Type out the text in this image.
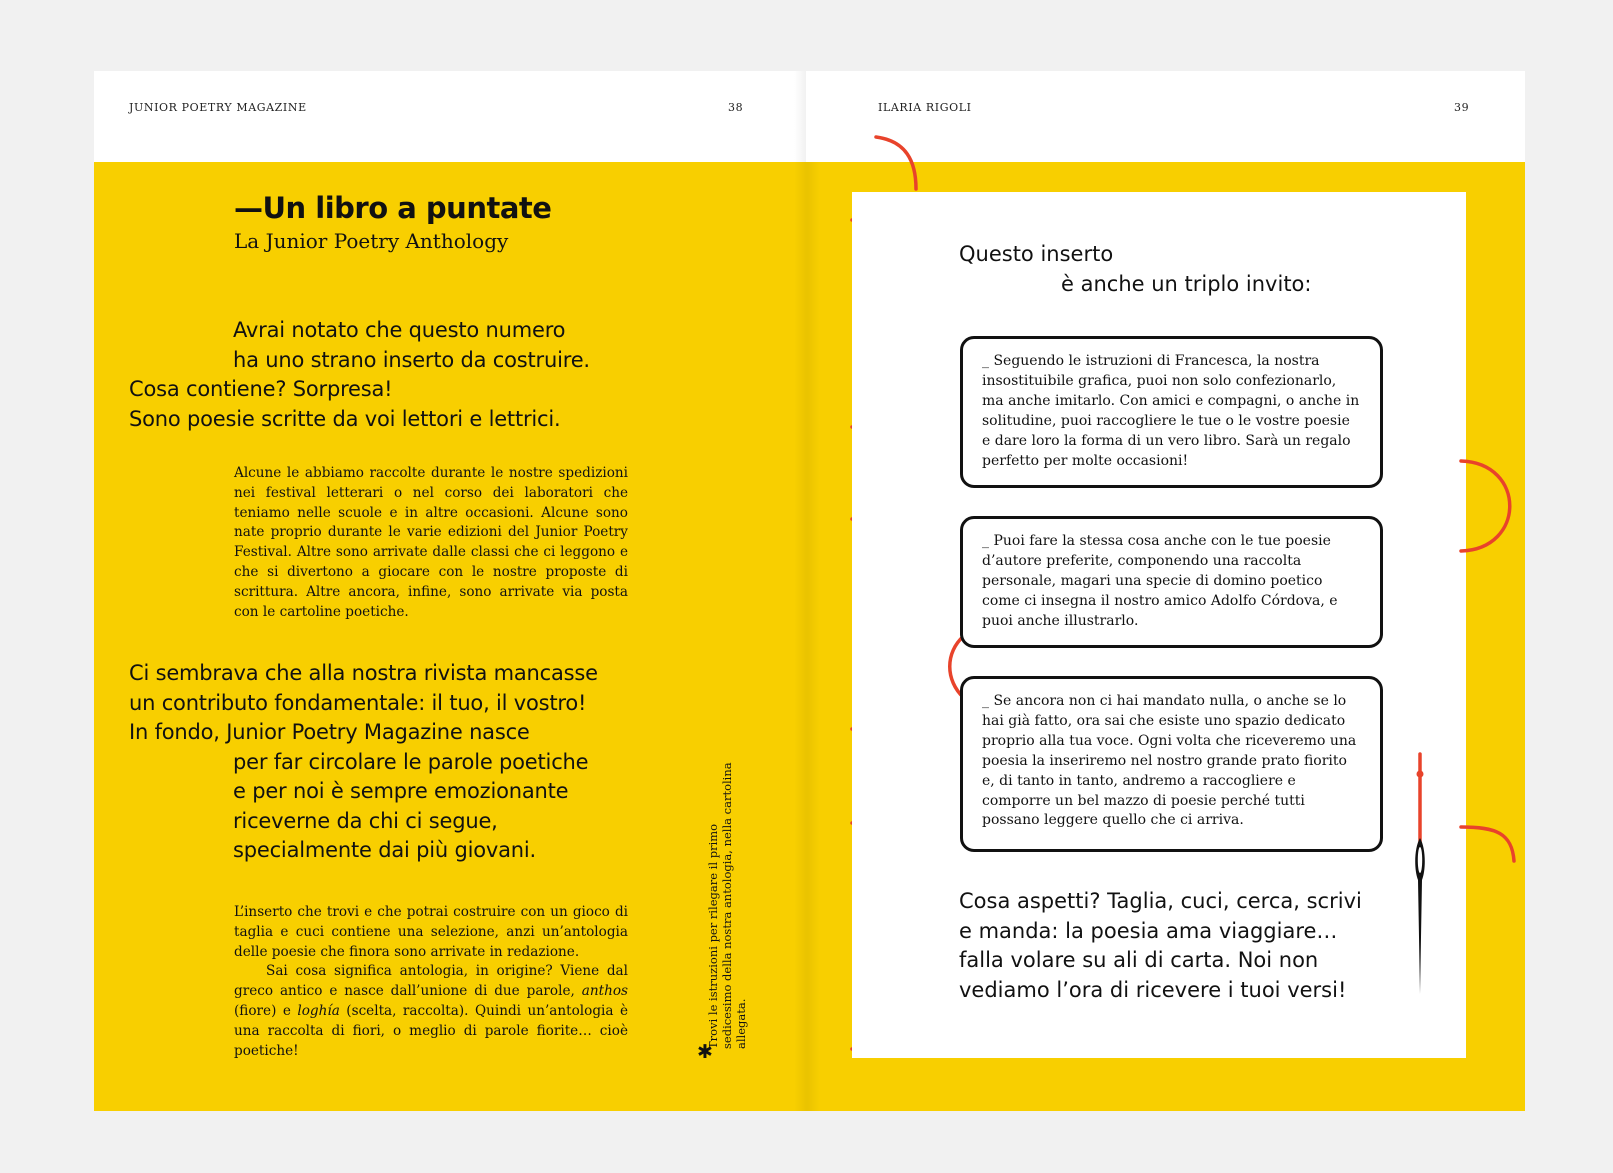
JUNIOR POETRY MAGAZINE	38
—Un libro a puntate
La Junior Poetry Anthology
Avrai notato che questo numero
ha uno strano inserto da costruire.
Cosa contiene? Sorpresa!
Sono poesie scritte da voi lettori e lettrici.
Alcune le abbiamo raccolte durante le nostre spedizioni nei festival letterari o nel corso dei laboratori che teniamo nelle scuole e in altre occasioni. Alcune sono nate proprio durante le varie edizioni del Junior Poetry Festival. Altre sono arrivate dalle classi che ci leggono e che si divertono a giocare con le nostre proposte di scrittura. Altre ancora, infine, sono arrivate via posta con le cartoline poetiche.
Ci sembrava che alla nostra rivista mancasse
un contributo fondamentale: il tuo, il vostro!
In fondo, Junior Poetry Magazine nasce
per far circolare le parole poetiche
e per noi è sempre emozionante
riceverne da chi ci segue,
specialmente dai più giovani.

L’inserto che trovi e che potrai costruire con un gioco di taglia e cuci contiene una selezione, anzi un’antologia delle poesie che finora sono arrivate in redazione.

Sai cosa significa antologia, in origine? Viene dal greco antico e nasce dall’unione di due parole, anthos (fiore) e loghía (scelta, raccolta). Quindi un’antologia è una raccolta di fiori, o meglio di parole fiorite… cioè poetiche!

Trovi le istruzioni per rilegare il primo sedicesimo della nostra antologia, nella cartolina allegata.
✱
ILARIA RIGOLI	39
Questo inserto
è anche un triplo invito:
_ Seguendo le istruzioni di Francesca, la nostra insostituibile grafica, puoi non solo confezionarlo, ma anche imitarlo. Con amici e compagni, o anche in solitudine, puoi raccogliere le tue o le vostre poesie e dare loro la forma di un vero libro. Sarà un regalo perfetto per molte occasioni!
_ Puoi fare la stessa cosa anche con le tue poesie d’autore preferite, componendo una raccolta personale, magari una specie di domino poetico come ci insegna il nostro amico Adolfo Córdova, e puoi anche illustrarlo.
_ Se ancora non ci hai mandato nulla, o anche se lo hai già fatto, ora sai che esiste uno spazio dedicato proprio alla tua voce. Ogni volta che riceveremo una poesia la inseriremo nel nostro grande prato fiorito e, di tanto in tanto, andremo a raccogliere e comporre un bel mazzo di poesie perché tutti possano leggere quello che ci arriva.
Cosa aspetti? Taglia, cuci, cerca, scrivi
e manda: la poesia ama viaggiare…
falla volare su ali di carta. Noi non
vediamo l’ora di ricevere i tuoi versi!
